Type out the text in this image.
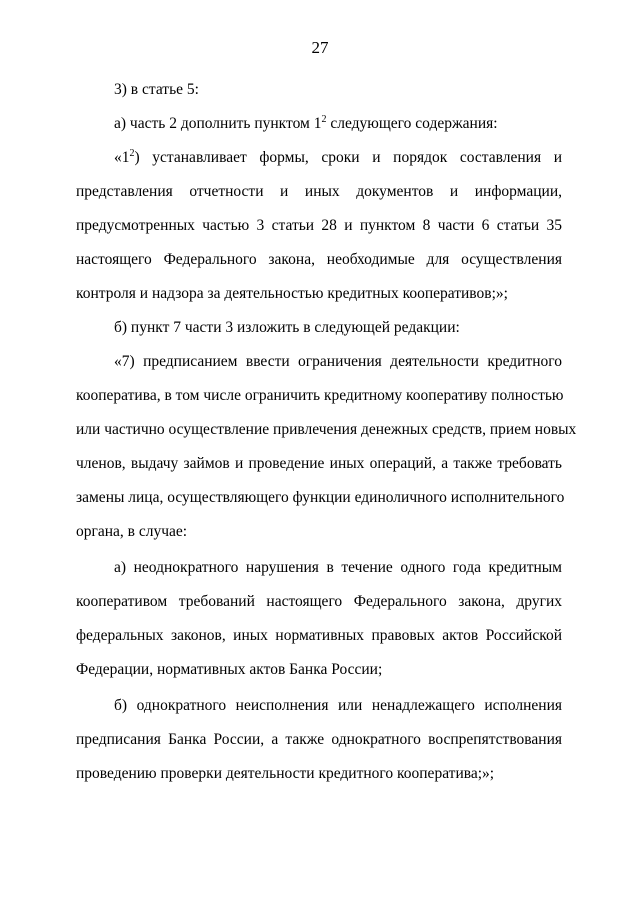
27
3) в статье 5:
а) часть 2 дополнить пунктом $1^2$ следующего содержания:
«$1^2$) устанавливает формы, сроки и порядок составления и
представления отчетности и иных документов и информации,
предусмотренных частью 3 статьи 28 и пунктом 8 части 6 статьи 35
настоящего Федерального закона, необходимые для осуществления
контроля и надзора за деятельностью кредитных кооперативов;»;
б) пункт 7 части 3 изложить в следующей редакции:
«7) предписанием ввести ограничения деятельности кредитного
кооператива, в том числе ограничить кредитному кооперативу полностью
или частично осуществление привлечения денежных средств, прием новых
членов, выдачу займов и проведение иных операций, а также требовать
замены лица, осуществляющего функции единоличного исполнительного
органа, в случае:
а) неоднократного нарушения в течение одного года кредитным
кооперативом требований настоящего Федерального закона, других
федеральных законов, иных нормативных правовых актов Российской
Федерации, нормативных актов Банка России;
б) однократного неисполнения или ненадлежащего исполнения
предписания Банка России, а также однократного воспрепятствования
проведению проверки деятельности кредитного кооператива;»;
